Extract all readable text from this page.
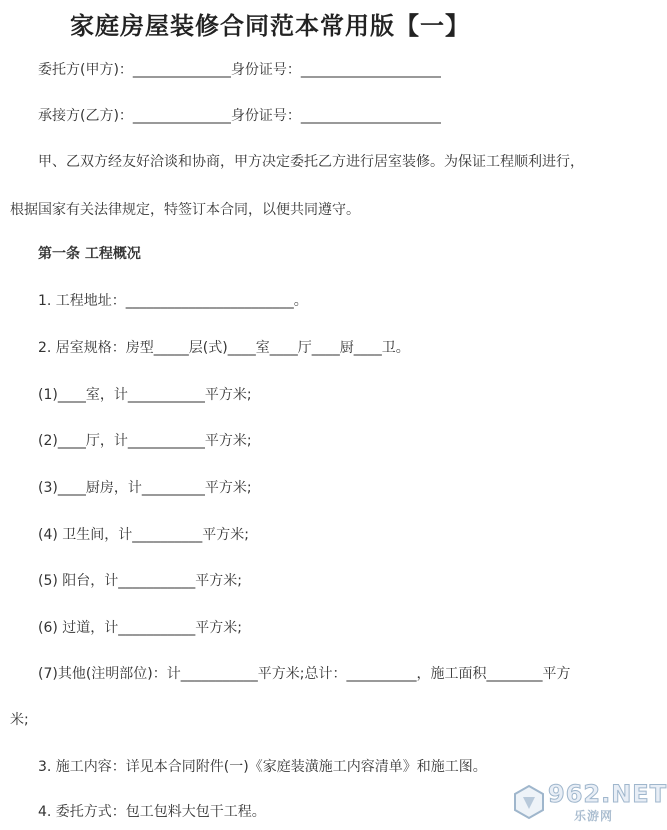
家庭房屋装修合同范本常用版【一】
委托方(甲方)：______________身份证号：____________________
承接方(乙方)：______________身份证号：____________________
甲、乙双方经友好洽谈和协商，甲方决定委托乙方进行居室装修。为保证工程顺利进行，
根据国家有关法律规定，特签订本合同，以便共同遵守。
第一条 工程概况
1. 工程地址：________________________。
2. 居室规格：房型_____层(式)____室____厅____厨____卫。
(1)____室，计___________平方米;
(2)____厅，计___________平方米;
(3)____厨房，计_________平方米;
(4) 卫生间，计__________平方米;
(5) 阳台，计___________平方米;
(6) 过道，计___________平方米;
(7)其他(注明部位)：计___________平方米;总计：__________，施工面积________平方
米;
3. 施工内容：详见本合同附件(一)《家庭装潢施工内容清单》和施工图。
4. 委托方式：包工包料大包干工程。
962.NET
乐游网
